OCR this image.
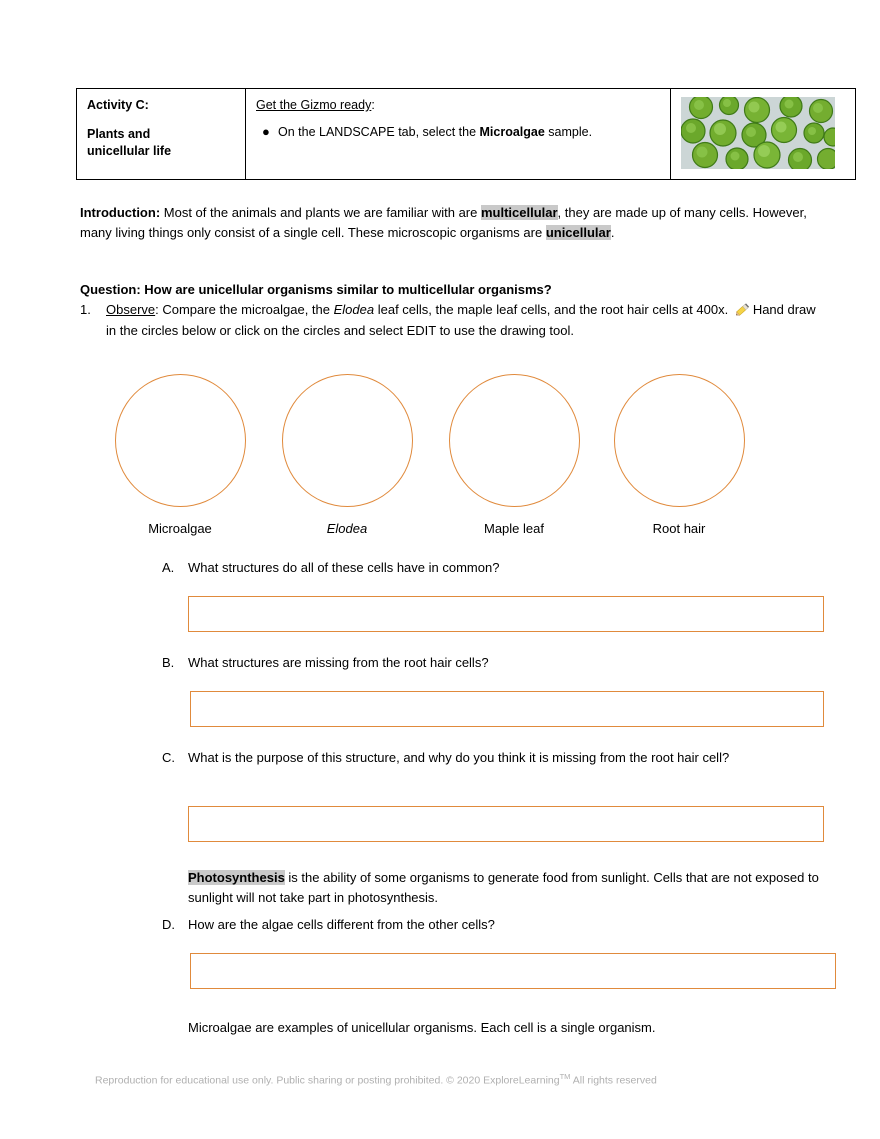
Activity C:

Plants and
unicellular life

Get the Gizmo ready:

● On the LANDSCAPE tab, select the Microalgae sample.

Introduction: Most of the animals and plants we are familiar with are multicellular, they are made up of many cells. However, many living things only consist of a single cell. These microscopic organisms are unicellular.

Question: How are unicellular organisms similar to multicellular organisms?

1.	Observe: Compare the microalgae, the Elodea leaf cells, the maple leaf cells, and the root hair cells at 400x. Hand draw in the circles below or click on the circles and select EDIT to use the drawing tool.
Microalgae	Elodea	Maple leaf	Root hair
A.	What structures do all of these cells have in common?
B.	What structures are missing from the root hair cells?
C.	What is the purpose of this structure, and why do you think it is missing from the root hair cell?

Photosynthesis is the ability of some organisms to generate food from sunlight. Cells that are not exposed to sunlight will not take part in photosynthesis.

D.	How are the algae cells different from the other cells?

Microalgae are examples of unicellular organisms. Each cell is a single organism.

Reproduction for educational use only. Public sharing or posting prohibited. © 2020 ExploreLearning™ All rights reserved
